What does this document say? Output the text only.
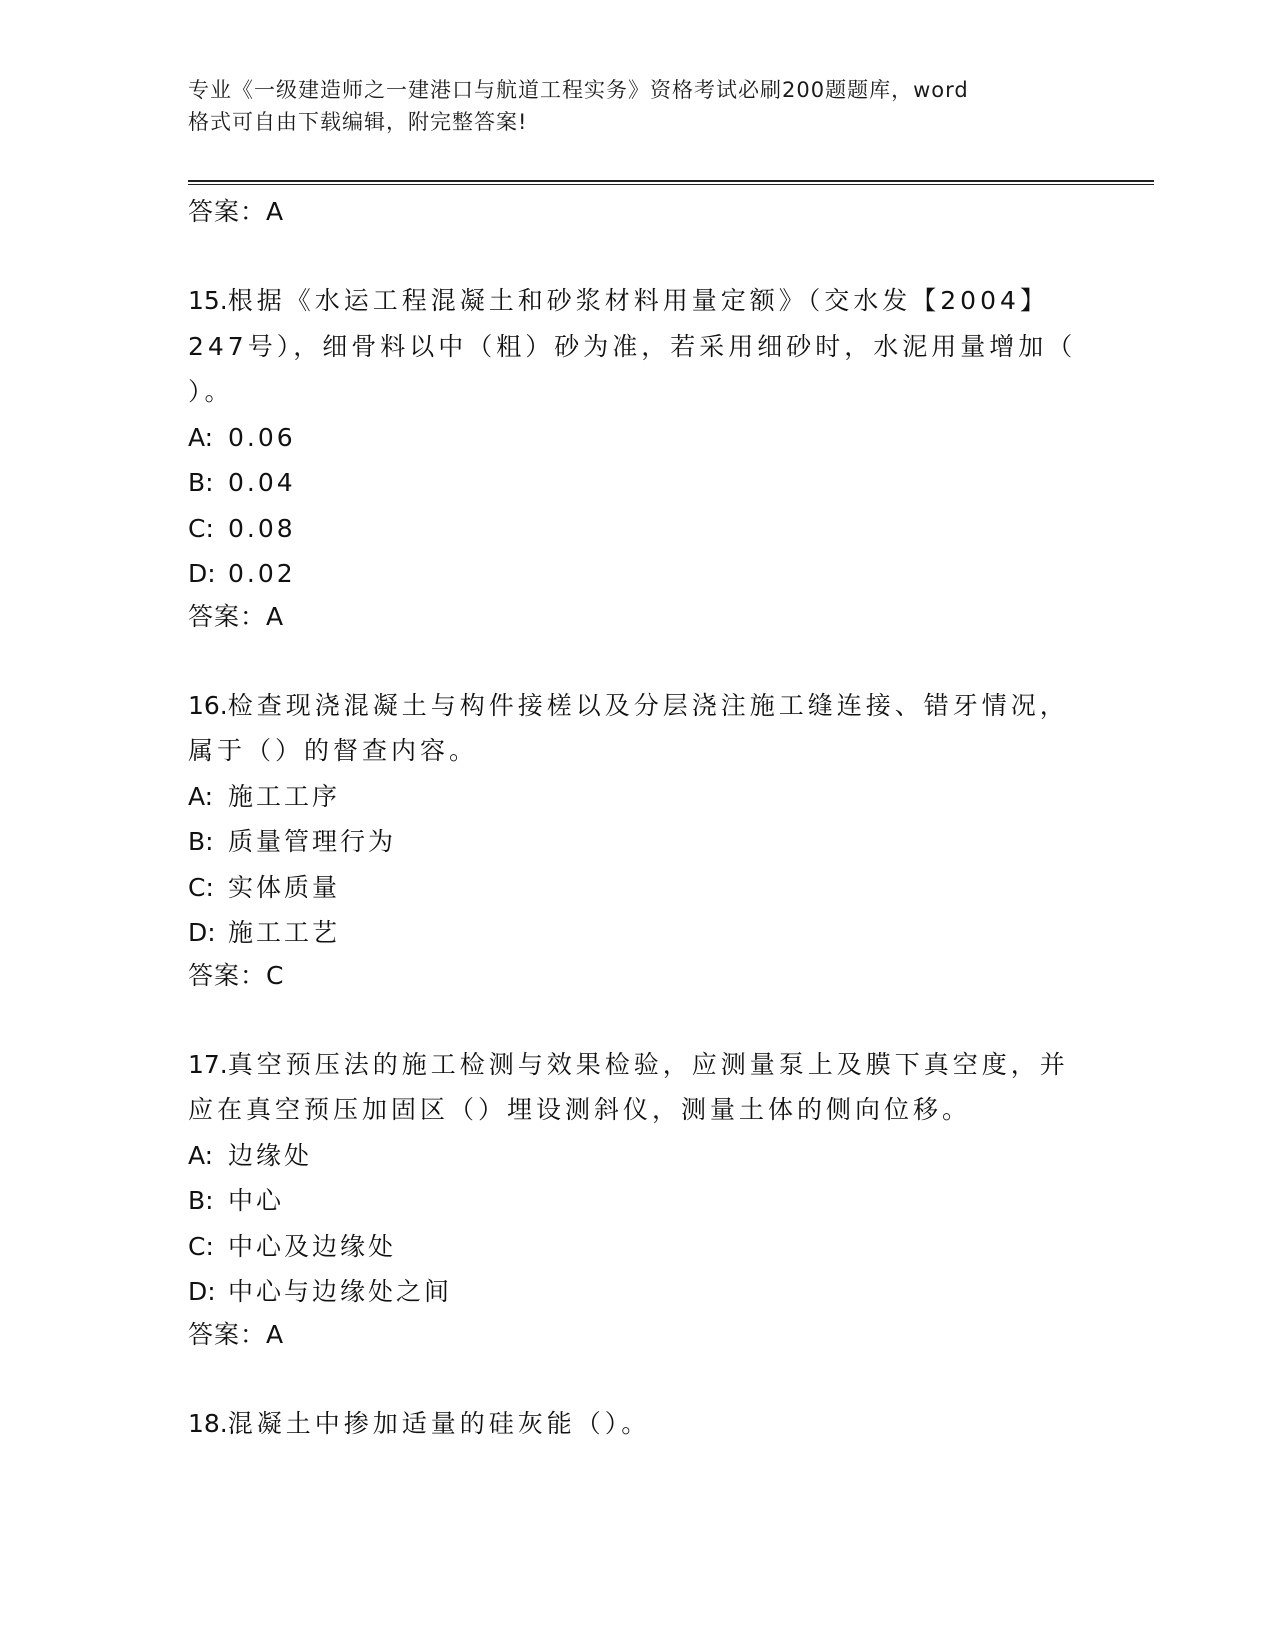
专业《一级建造师之一建港口与航道工程实务》资格考试必刷200题题库，word
格式可自由下载编辑，附完整答案!
答案：A
15.根据《水运工程混凝土和砂浆材料用量定额》（交水发【2004】
247号），细骨料以中（粗）砂为准，若采用细砂时，水泥用量增加（
）。
A: 0.06
B: 0.04
C: 0.08
D: 0.02
答案：A
16.检查现浇混凝土与构件接槎以及分层浇注施工缝连接、错牙情况，
属于（）的督查内容。
A: 施工工序
B: 质量管理行为
C: 实体质量
D: 施工工艺
答案：C
17.真空预压法的施工检测与效果检验，应测量泵上及膜下真空度，并
应在真空预压加固区（）埋设测斜仪，测量土体的侧向位移。
A: 边缘处
B: 中心
C: 中心及边缘处
D: 中心与边缘处之间
答案：A
18.混凝土中掺加适量的硅灰能（）。
